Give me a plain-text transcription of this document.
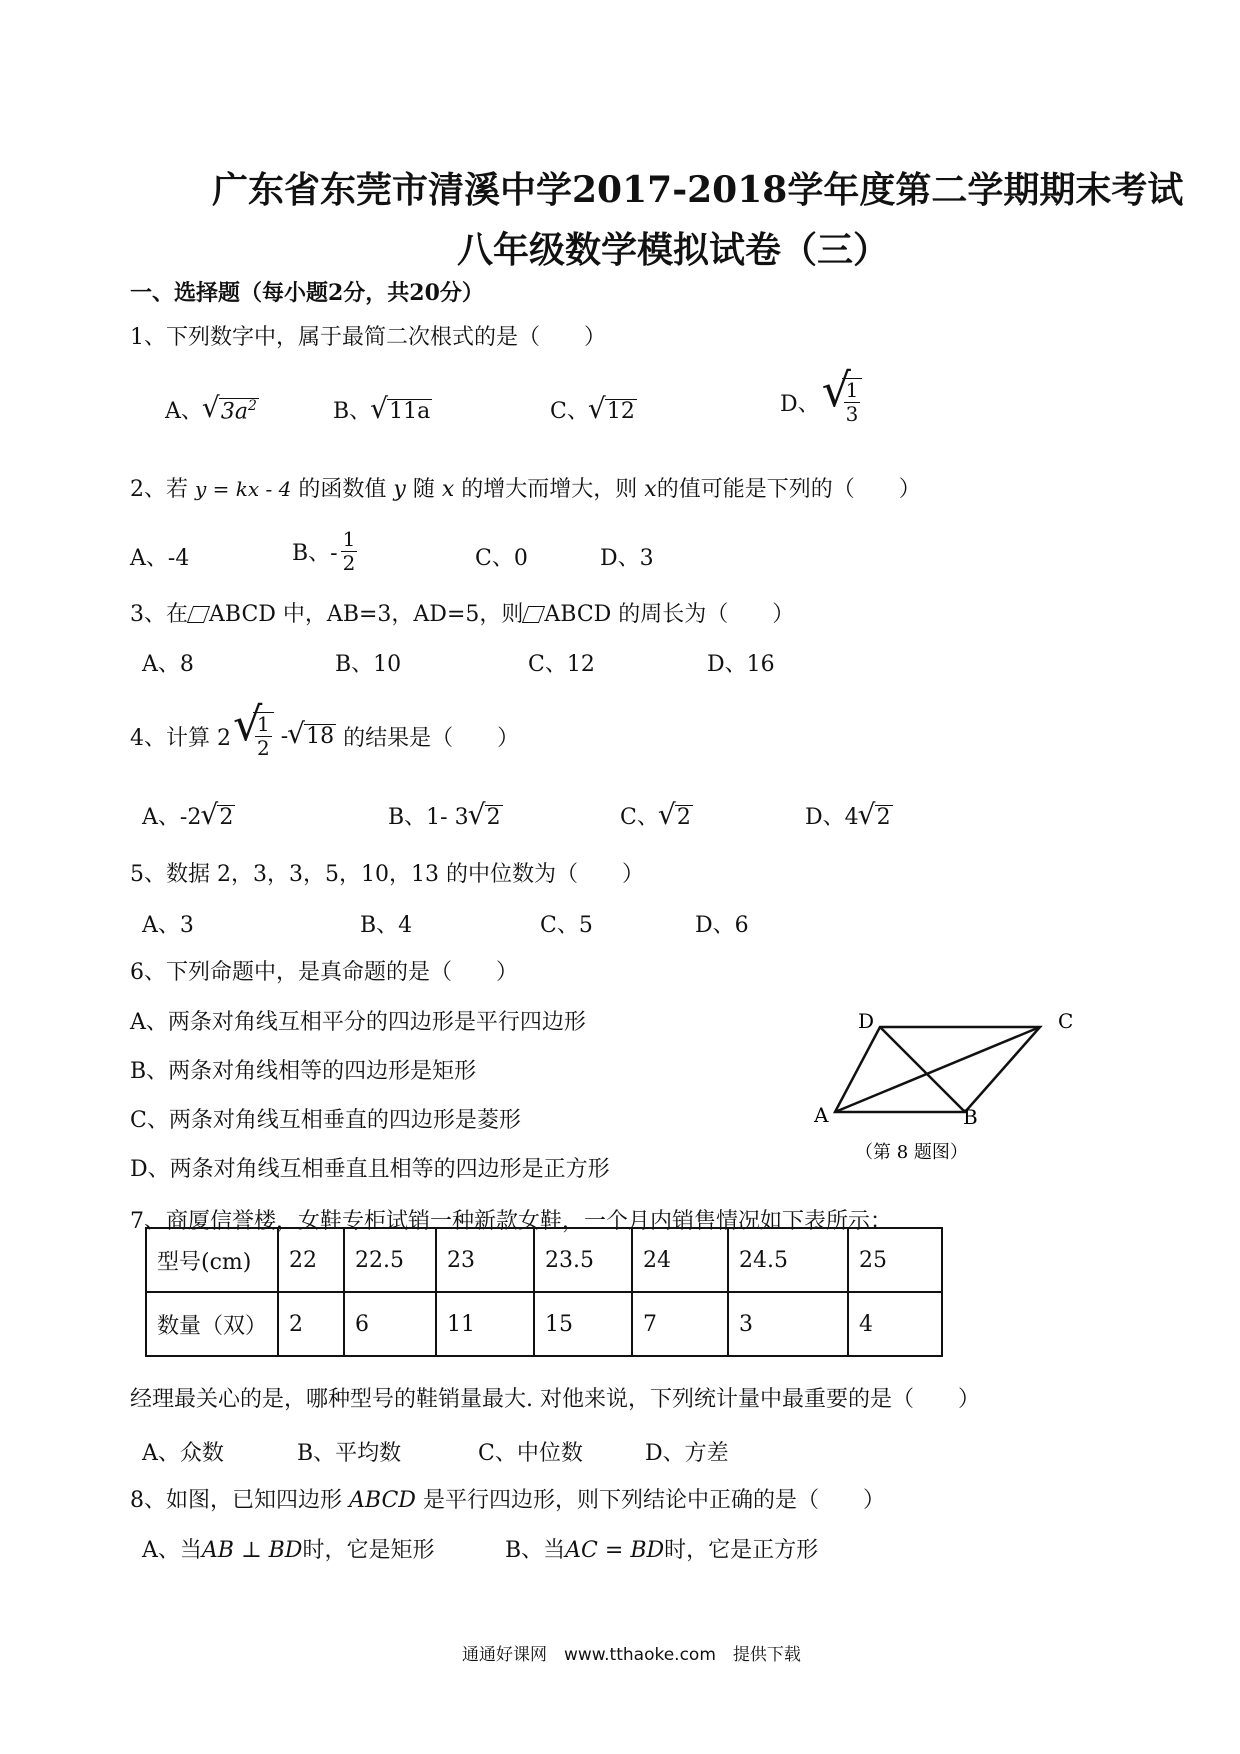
广东省东莞市清溪中学2017-2018学年度第二学期期末考试
八年级数学模拟试卷（三）
一、选择题（每小题2分，共20分）
1、下列数字中，属于最简二次根式的是（　　）
A、 √ $3a^2$	B、 √ 11a	C、 √ 12	D、 √ $\frac{1}{3}$
2、若 y = kx - 4 的函数值 y 随 x 的增大而增大，则 x的值可能是下列的（　　）
A、-4	B、- $\frac{1}{2}$	C、0	D、3
3、在 ABCD 中，AB=3，AD=5，则 ABCD 的周长为（　　）
A、8	B、10	C、12	D、16
4、计算 2 √ $\frac{1}{2}$ - √ 18 的结果是（　　）
A、-2 √ 2	B、1- 3 √ 2	C、 √ 2	D、4 √ 2
5、数据 2，3，3，5，10，13 的中位数为（　　）
A、3	B、4	C、5	D、6
6、下列命题中，是真命题的是（　　）
A、两条对角线互相平分的四边形是平行四边形
B、两条对角线相等的四边形是矩形
C、两条对角线互相垂直的四边形是菱形
D、两条对角线互相垂直且相等的四边形是正方形
D	C
A	B
（第 8 题图）
7、商厦信誉楼，女鞋专柜试销一种新款女鞋，一个月内销售情况如下表所示：
型号(cm)	22	22.5	23	23.5	24	24.5	25
数量（双）	2	6	11	15	7	3	4
经理最关心的是，哪种型号的鞋销量最大. 对他来说，下列统计量中最重要的是（　　）
A、众数	B、平均数	C、中位数	D、方差
8、如图，已知四边形 ABCD 是平行四边形，则下列结论中正确的是（　　）
A、当AB ⊥ BD时，它是矩形	B、当AC = BD时，它是正方形
通通好课网　www.tthaoke.com　提供下载
